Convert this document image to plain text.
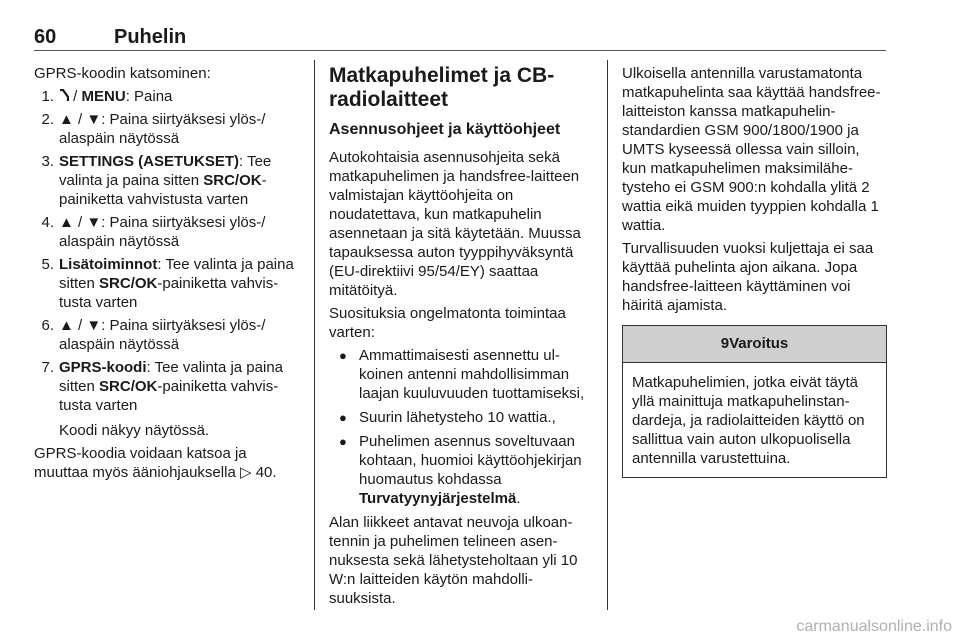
60	Puhelin

GPRS-koodin katsominen:

1. / MENU: Paina
2. ▲ / ▼: Paina siirtyäksesi ylös-/ alaspäin näytössä
3. SETTINGS (ASETUKSET): Tee valinta ja paina sitten SRC/OK-painiketta vahvistusta varten
4. ▲ / ▼: Paina siirtyäksesi ylös-/ alaspäin näytössä
5. Lisätoiminnot: Tee valinta ja paina sitten SRC/OK-painiketta vahvistusta varten
6. ▲ / ▼: Paina siirtyäksesi ylös-/ alaspäin näytössä
7. GPRS-koodi: Tee valinta ja paina sitten SRC/OK-painiketta vahvistusta varten
Koodi näkyy näytössä.

GPRS-koodia voidaan katsoa ja muuttaa myös ääniohjauksella ▷ 40.

Matkapuhelimet ja CB-radiolaitteet
Asennusohjeet ja käyttöohjeet

Autokohtaisia asennusohjeita sekä matkapuhelimen ja handsfree-laitteen valmistajan käyttöohjeita on noudatettava, kun matkapuhelin asennetaan ja sitä käytetään. Muussa tapauksessa auton tyyppihyväksyntä (EU-direktiivi 95/54/EY) saattaa mitätöityä.

Suosituksia ongelmatonta toimintaa varten:

● Ammattimaisesti asennettu ulkoinen antenni mahdollisimman laajan kuuluvuuden tuottamiseksi,
● Suurin lähetysteho 10 wattia.,
● Puhelimen asennus soveltuvaan kohtaan, huomioi käyttöohjekirjan huomautus kohdassa Turvatyynyjärjestelmä.

Alan liikkeet antavat neuvoja ulkoantennin ja puhelimen telineen asennuksesta sekä lähetysteholtaan yli 10 W:n laitteiden käytön mahdollisuuksista.

Ulkoisella antennilla varustamatonta matkapuhelinta saa käyttää handsfree-laitteiston kanssa matkapuhelinstandardien GSM 900/1800/1900 ja UMTS kyseessä ollessa vain silloin, kun matkapuhelimen maksimilähetysteho ei GSM 900:n kohdalla ylitä 2 wattia eikä muiden tyyppien kohdalla 1 wattia.

Turvallisuuden vuoksi kuljettaja ei saa käyttää puhelinta ajon aikana. Jopa handsfree-laitteen käyttäminen voi häiritä ajamista.

9Varoitus
Matkapuhelimien, jotka eivät täytä yllä mainittuja matkapuhelinstandardeja, ja radiolaitteiden käyttö on sallittua vain auton ulkopuolisella antennilla varustettuina.
carmanualsonline.info
